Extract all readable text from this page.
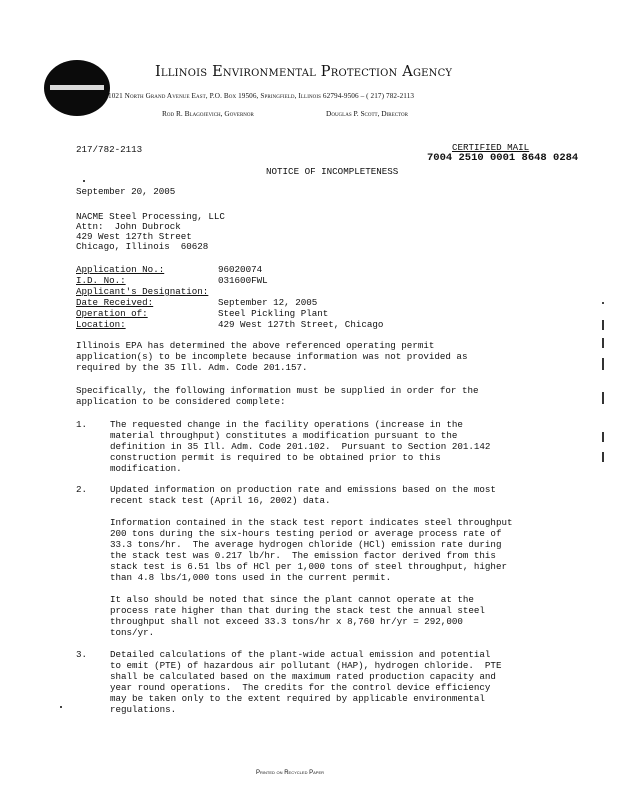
Illinois Environmental Protection Agency
1021 North Grand Avenue East, P.O. Box 19506, Springfield, Illinois 62794-9506 – ( 217) 782-2113
Rod R. Blagojevich, Governor	Douglas P. Scott, Director
217/782-2113	CERTIFIED MAIL
7004 2510 0001 8648 0284
NOTICE OF INCOMPLETENESS
September 20, 2005
NACME Steel Processing, LLC
Attn:  John Dubrock
429 West 127th Street
Chicago, Illinois  60628
Application No.:	96020074
I.D. No.:	031600FWL
Applicant's Designation:
Date Received:	September 12, 2005
Operation of:	Steel Pickling Plant
Location:	429 West 127th Street, Chicago
Illinois EPA has determined the above referenced operating permit
application(s) to be incomplete because information was not provided as
required by the 35 Ill. Adm. Code 201.157.
Specifically, the following information must be supplied in order for the
application to be considered complete:
1. The requested change in the facility operations (increase in the
material throughput) constitutes a modification pursuant to the
definition in 35 Ill. Adm. Code 201.102.  Pursuant to Section 201.142
construction permit is required to be obtained prior to this
modification.
2. Updated information on production rate and emissions based on the most
recent stack test (April 16, 2002) data.
Information contained in the stack test report indicates steel throughput
200 tons during the six-hours testing period or average process rate of
33.3 tons/hr.  The average hydrogen chloride (HCl) emission rate during
the stack test was 0.217 lb/hr.  The emission factor derived from this
stack test is 6.51 lbs of HCl per 1,000 tons of steel throughput, higher
than 4.8 lbs/1,000 tons used in the current permit.
It also should be noted that since the plant cannot operate at the
process rate higher than that during the stack test the annual steel
throughput shall not exceed 33.3 tons/hr x 8,760 hr/yr = 292,000
tons/yr.
3. Detailed calculations of the plant-wide actual emission and potential
to emit (PTE) of hazardous air pollutant (HAP), hydrogen chloride.  PTE
shall be calculated based on the maximum rated production capacity and
year round operations.  The credits for the control device efficiency
may be taken only to the extent required by applicable environmental
regulations.
Printed on Recycled Paper
